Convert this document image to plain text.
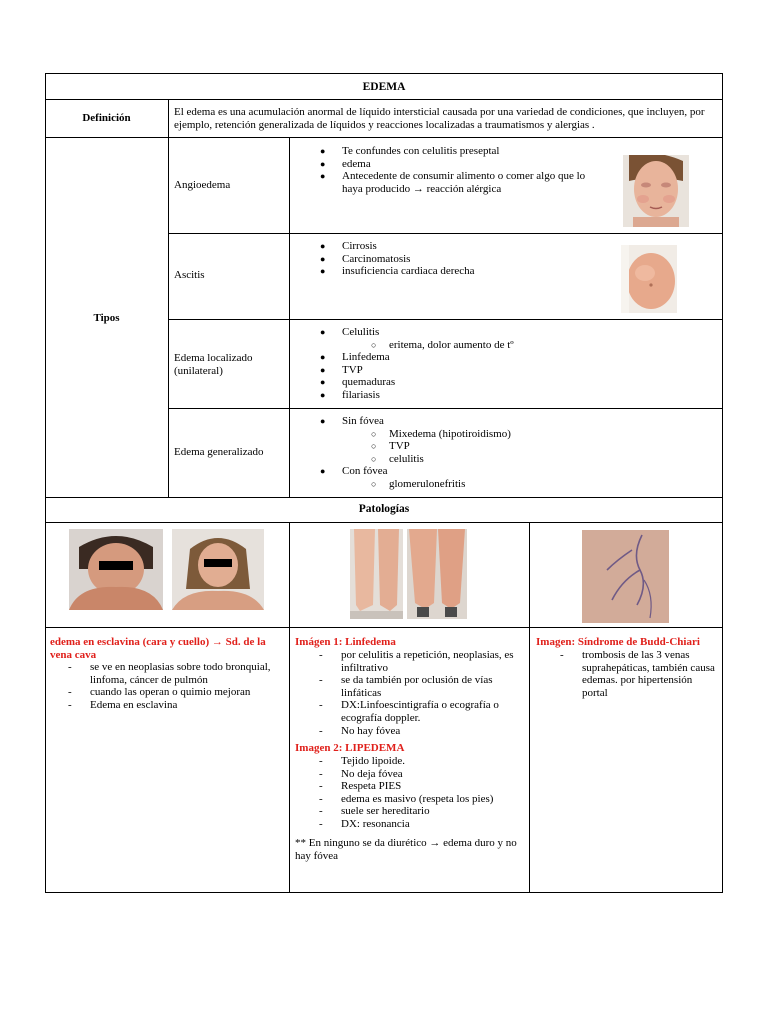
EDEMA
Definición	El edema es una acumulación anormal de líquido intersticial causada por una variedad de condiciones, que incluyen, por ejemplo, retención generalizada de líquidos y reacciones localizadas a traumatismos y alergias .
Tipos
Angioedema
● Te confundes con celulitis preseptal
● edema
● Antecedente de consumir alimento o comer algo que lo haya producido → reacción alérgica
Ascitis
● Cirrosis
● Carcinomatosis
● insuficiencia cardiaca derecha
Edema localizado (unilateral)
● Celulitis
○ eritema, dolor aumento de tº
● Linfedema
● TVP
● quemaduras
● filariasis
Edema generalizado
● Sin fóvea
○ Mixedema (hipotiroidismo)
○ TVP
○ celulitis
● Con fóvea
○ glomerulonefritis
Patologías
edema en esclavina (cara y cuello) → Sd. de la vena cava
- se ve en neoplasias sobre todo bronquial, linfoma, cáncer de pulmón
- cuando las operan o quimio mejoran
- Edema en esclavina
Imágen 1: Linfedema
- por celulitis a repetición, neoplasias, es infiltrativo
- se da también por oclusión de vías linfáticas
- DX:Linfoescintigrafía o ecografía o ecografía doppler.
- No hay fóvea
Imagen 2: LIPEDEMA
- Tejido lipoide.
- No deja fóvea
- Respeta PIES
- edema es masivo (respeta los pies)
- suele ser hereditario
- DX: resonancia
** En ninguno se da diurético → edema duro y no hay fóvea
Imagen: Síndrome de Budd-Chiari
- trombosis de las 3 venas suprahepáticas, también causa edemas. por hipertensión portal
